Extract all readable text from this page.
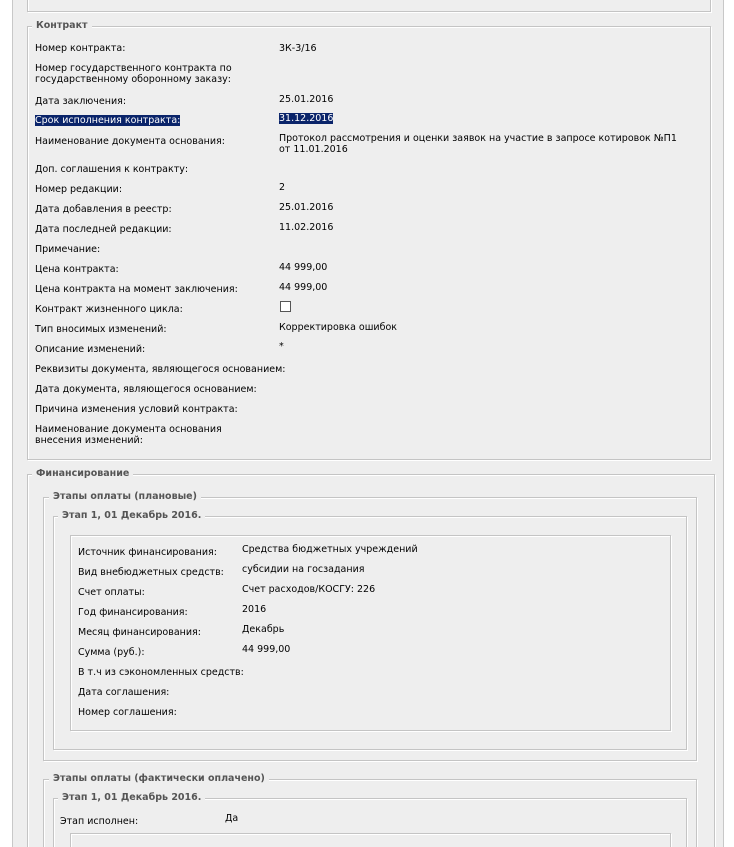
Контракт
Номер контракта:	3К-3/16
Номер государственного контракта по государственному оборонному заказу:
Дата заключения:	25.01.2016
Срок исполнения контракта:	31.12.2016
Наименование документа основания:	Протокол рассмотрения и оценки заявок на участие в запросе котировок №П1 от 11.01.2016
Доп. соглашения к контракту:
Номер редакции:	2
Дата добавления в реестр:	25.01.2016
Дата последней редакции:	11.02.2016
Примечание:
Цена контракта:	44 999,00
Цена контракта на момент заключения:	44 999,00
Контракт жизненного цикла:
Тип вносимых изменений:	Корректировка ошибок
Описание изменений:	*
Реквизиты документа, являющегося основанием:
Дата документа, являющегося основанием:
Причина изменения условий контракта:
Наименование документа основания внесения изменений:
Финансирование
Этапы оплаты (плановые)
Этап 1, 01 Декабрь 2016.
Источник финансирования:	Средства бюджетных учреждений
Вид внебюджетных средств: субсидии на госзадания
Счет оплаты:	Счет расходов/КОСГУ: 226
Год финансирования:	2016
Месяц финансирования:	Декабрь
Сумма (руб.):	44 999,00
В т.ч из сэкономленных средств:
Дата соглашения:
Номер соглашения:
Этапы оплаты (фактически оплачено)
Этап 1, 01 Декабрь 2016.
Этап исполнен:	Да
